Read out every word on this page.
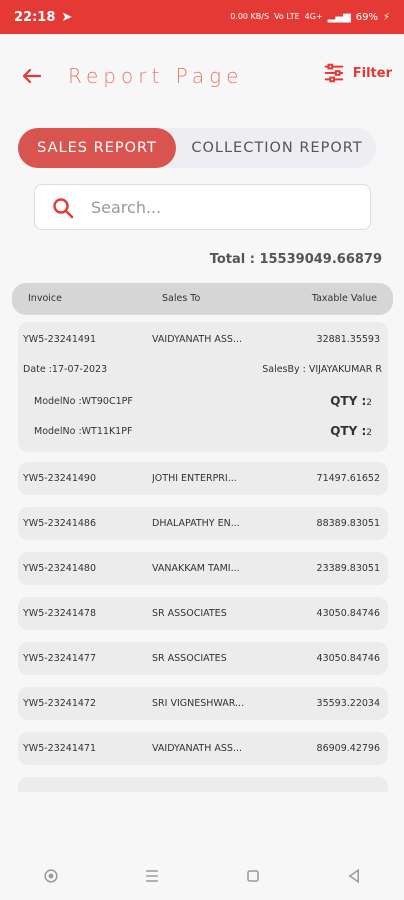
22:18 ➤	0.00 KB/S Vo LTE 4G+ ▂▄▆ 69% ⚡
Report Page	Filter
SALES REPORT	COLLECTION REPORT
Search...
Total : 15539049.66879
Invoice	Sales To	Taxable Value
YW5-23241491	VAIDYANATH ASS...	32881.35593
Date :17-07-2023	SalesBy : VIJAYAKUMAR R
ModelNo :WT90C1PF	QTY :2
ModelNo :WT11K1PF	QTY :2
YW5-23241490	JOTHI ENTERPRI...	71497.61652
YW5-23241486	DHALAPATHY EN...	88389.83051
YW5-23241480	VANAKKAM TAMI...	23389.83051
YW5-23241478	SR ASSOCIATES	43050.84746
YW5-23241477	SR ASSOCIATES	43050.84746
YW5-23241472	SRI VIGNESHWAR...	35593.22034
YW5-23241471	VAIDYANATH ASS...	86909.42796
